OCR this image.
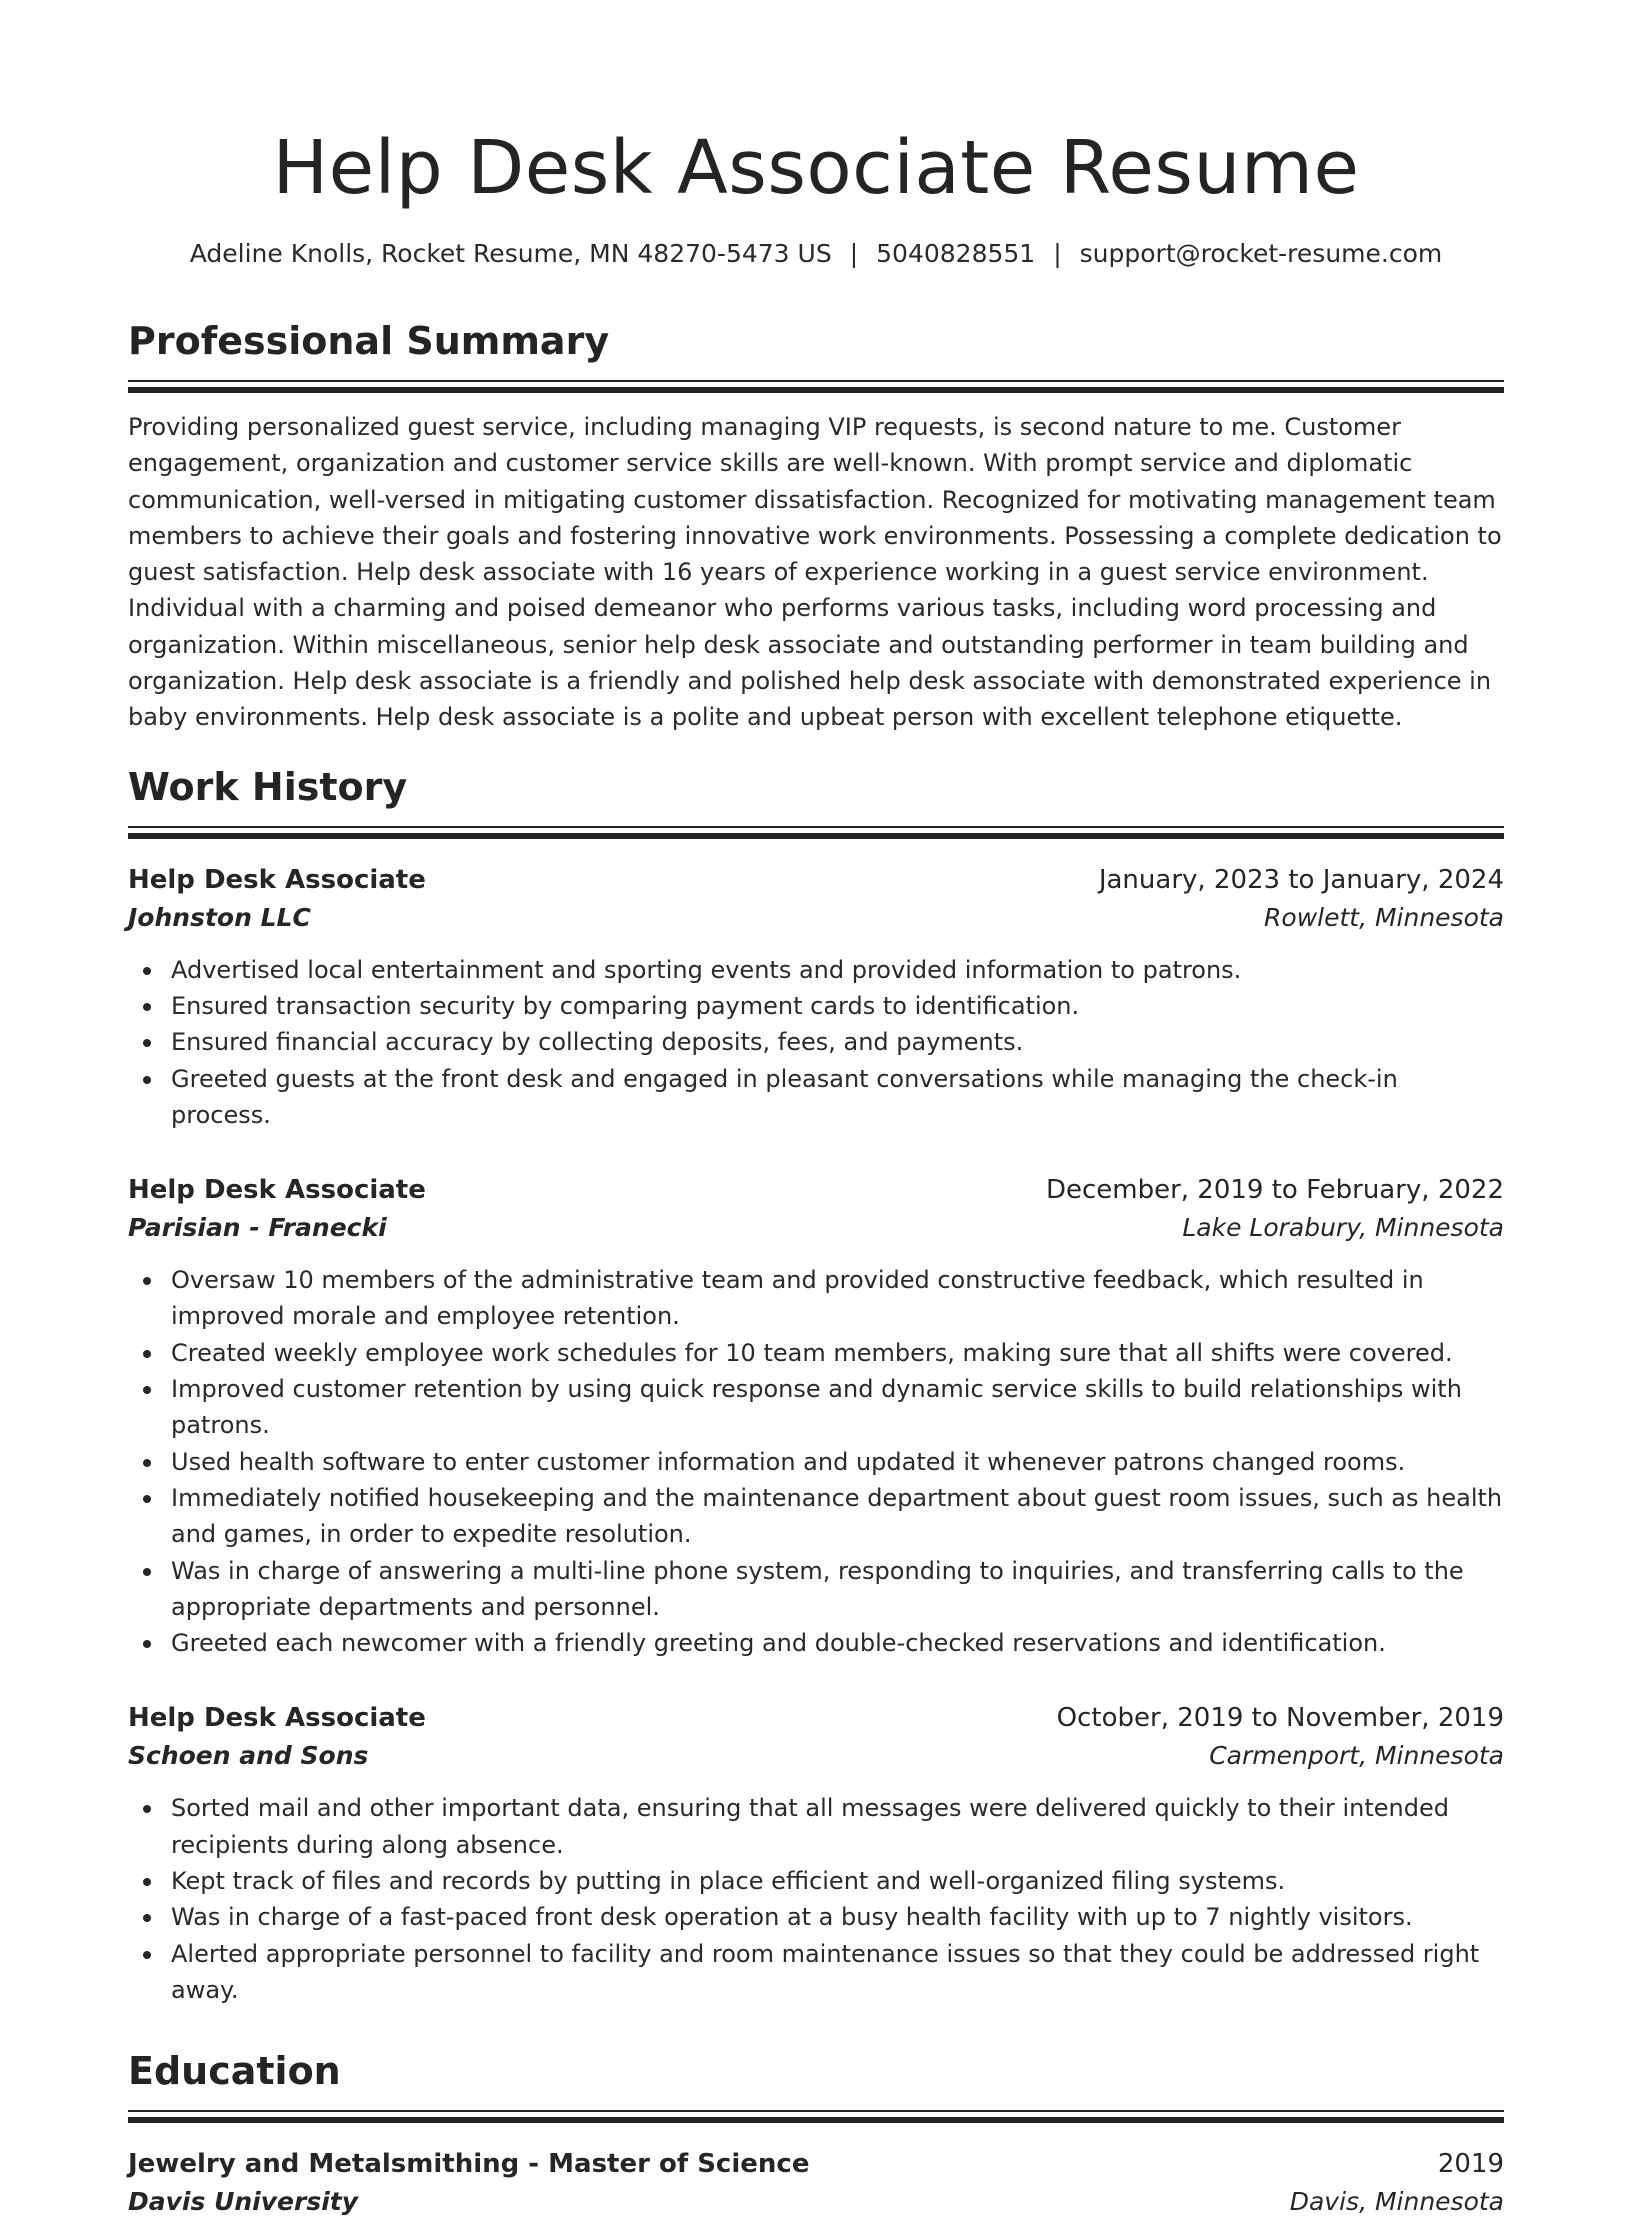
Help Desk Associate Resume
Adeline Knolls, Rocket Resume, MN 48270-5473 US | 5040828551 | support@rocket-resume.com
Professional Summary

Providing personalized guest service, including managing VIP requests, is second nature to me. Customer engagement, organization and customer service skills are well-known. With prompt service and diplomatic communication, well-versed in mitigating customer dissatisfaction. Recognized for motivating management team members to achieve their goals and fostering innovative work environments. Possessing a complete dedication to guest satisfaction. Help desk associate with 16 years of experience working in a guest service environment. Individual with a charming and poised demeanor who performs various tasks, including word processing and organization. Within miscellaneous, senior help desk associate and outstanding performer in team building and organization. Help desk associate is a friendly and polished help desk associate with demonstrated experience in baby environments. Help desk associate is a polite and upbeat person with excellent telephone etiquette.

Work History
Help Desk Associate	January, 2023 to January, 2024
Johnston LLC	Rowlett, Minnesota
Advertised local entertainment and sporting events and provided information to patrons.
Ensured transaction security by comparing payment cards to identification.
Ensured financial accuracy by collecting deposits, fees, and payments.
Greeted guests at the front desk and engaged in pleasant conversations while managing the check-in process.
Help Desk Associate	December, 2019 to February, 2022
Parisian - Franecki	Lake Lorabury, Minnesota
Oversaw 10 members of the administrative team and provided constructive feedback, which resulted in improved morale and employee retention.
Created weekly employee work schedules for 10 team members, making sure that all shifts were covered.
Improved customer retention by using quick response and dynamic service skills to build relationships with patrons.
Used health software to enter customer information and updated it whenever patrons changed rooms.
Immediately notified housekeeping and the maintenance department about guest room issues, such as health and games, in order to expedite resolution.
Was in charge of answering a multi-line phone system, responding to inquiries, and transferring calls to the appropriate departments and personnel.
Greeted each newcomer with a friendly greeting and double-checked reservations and identification.
Help Desk Associate	October, 2019 to November, 2019
Schoen and Sons	Carmenport, Minnesota
Sorted mail and other important data, ensuring that all messages were delivered quickly to their intended recipients during along absence.
Kept track of files and records by putting in place efficient and well-organized filing systems.
Was in charge of a fast-paced front desk operation at a busy health facility with up to 7 nightly visitors.
Alerted appropriate personnel to facility and room maintenance issues so that they could be addressed right away.
Education
Jewelry and Metalsmithing - Master of Science	2019
Davis University	Davis, Minnesota
